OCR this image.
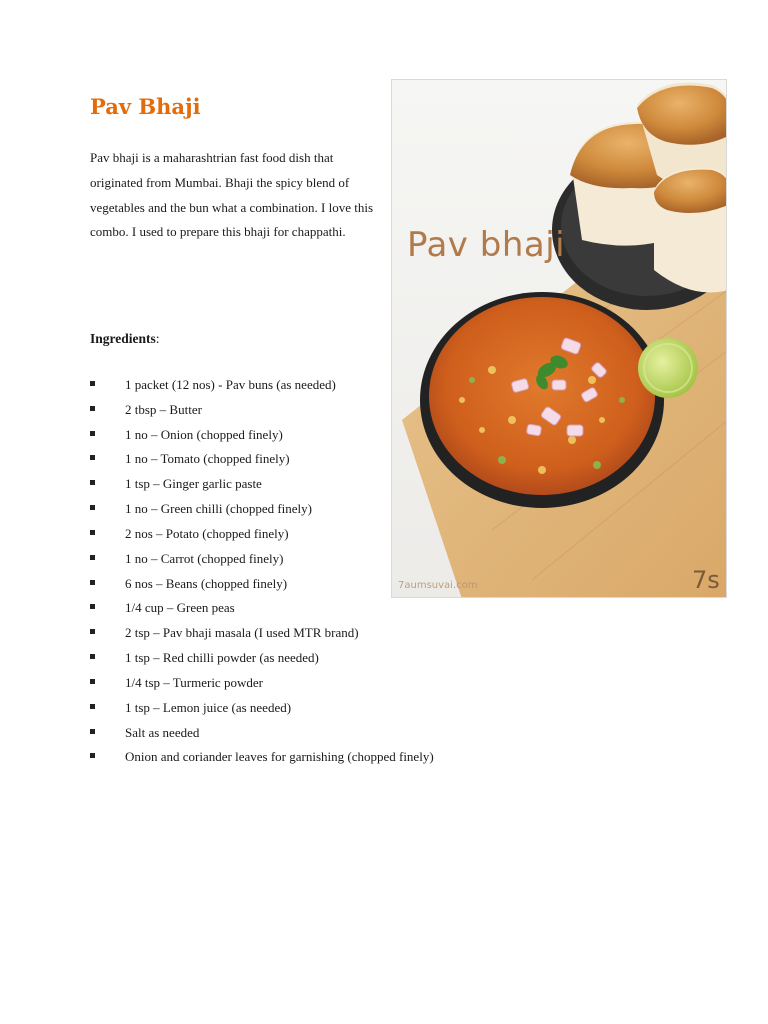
Pav Bhaji

Pav bhaji is a maharashtrian fast food dish that originated from Mumbai. Bhaji the spicy blend of vegetables and the bun what a combination. I love this combo. I used to prepare this bhaji for chappathi.

Ingredients:

1 packet (12 nos) - Pav buns (as needed)
2 tbsp – Butter
1 no – Onion (chopped finely)
1 no – Tomato (chopped finely)
1 tsp – Ginger garlic paste
1 no – Green chilli (chopped finely)
2 nos – Potato (chopped finely)
1 no – Carrot (chopped finely)
6 nos – Beans (chopped finely)
1/4 cup – Green peas
2 tsp – Pav bhaji masala (I used MTR brand)
1 tsp – Red chilli powder (as needed)
1/4 tsp – Turmeric powder
1 tsp – Lemon juice (as needed)
Salt as needed
Onion and coriander leaves for garnishing (chopped finely)
Pav bhaji
7aumsuvai.com	7s
